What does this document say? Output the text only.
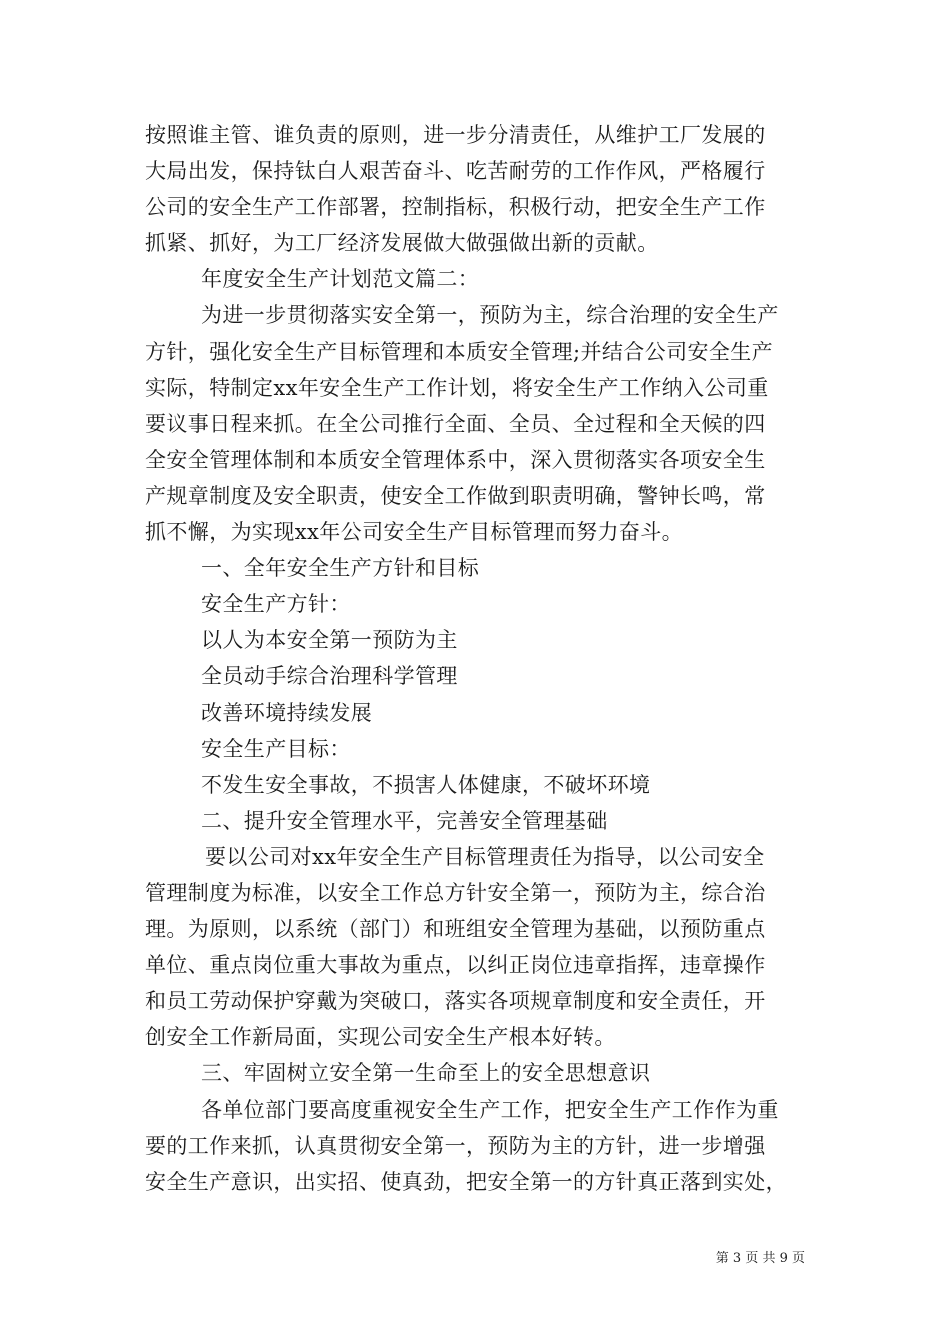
按照谁主管、谁负责的原则，进一步分清责任，从维护工厂发展的
大局出发，保持钛白人艰苦奋斗、吃苦耐劳的工作作风，严格履行
公司的安全生产工作部署，控制指标，积极行动，把安全生产工作
抓紧、抓好，为工厂经济发展做大做强做出新的贡献。
年度安全生产计划范文篇二：
为进一步贯彻落实安全第一，预防为主，综合治理的安全生产
方针，强化安全生产目标管理和本质安全管理;并结合公司安全生产
实际，特制定xx年安全生产工作计划，将安全生产工作纳入公司重
要议事日程来抓。在全公司推行全面、全员、全过程和全天候的四
全安全管理体制和本质安全管理体系中，深入贯彻落实各项安全生
产规章制度及安全职责，使安全工作做到职责明确，警钟长鸣，常
抓不懈，为实现xx年公司安全生产目标管理而努力奋斗。
一、全年安全生产方针和目标
安全生产方针：
以人为本安全第一预防为主
全员动手综合治理科学管理
改善环境持续发展
安全生产目标：
不发生安全事故，不损害人体健康，不破坏环境
二、提升安全管理水平，完善安全管理基础
要以公司对xx年安全生产目标管理责任为指导，以公司安全
管理制度为标准，以安全工作总方针安全第一，预防为主，综合治
理。为原则，以系统（部门）和班组安全管理为基础，以预防重点
单位、重点岗位重大事故为重点，以纠正岗位违章指挥，违章操作
和员工劳动保护穿戴为突破口，落实各项规章制度和安全责任，开
创安全工作新局面，实现公司安全生产根本好转。
三、牢固树立安全第一生命至上的安全思想意识
各单位部门要高度重视安全生产工作，把安全生产工作作为重
要的工作来抓，认真贯彻安全第一，预防为主的方针，进一步增强
安全生产意识，出实招、使真劲，把安全第一的方针真正落到实处，
第 3 页 共 9 页
